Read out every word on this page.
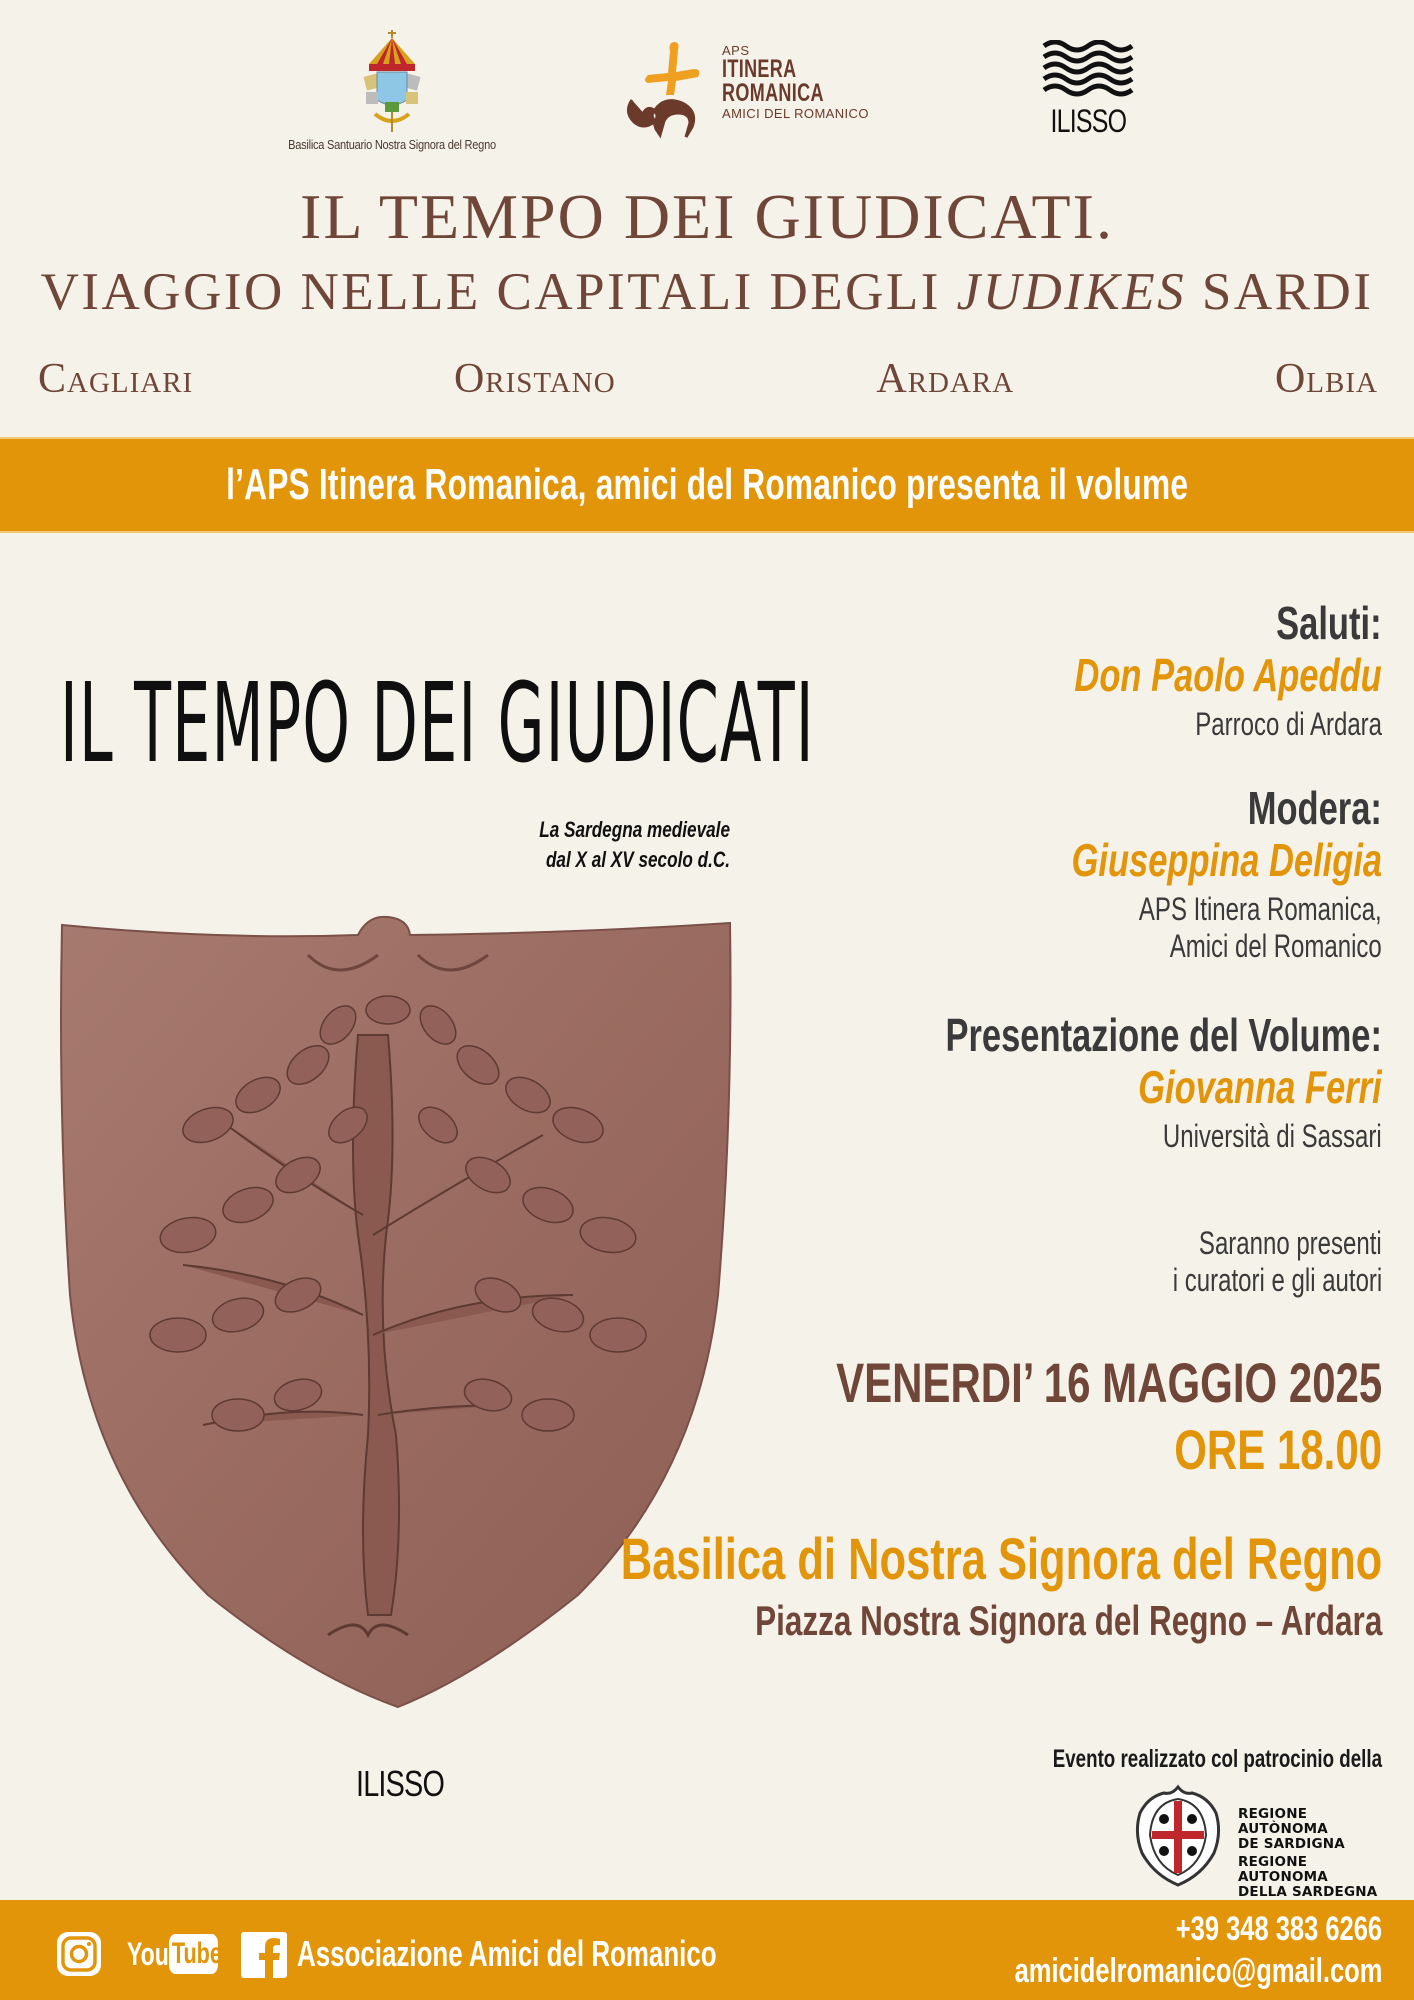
Basilica Santuario Nostra Signora del Regno
APS
ITINERA
ROMANICA
AMICI DEL ROMANICO	ILISSO
IL TEMPO DEI GIUDICATI.
VIAGGIO NELLE CAPITALI DEGLI JUDIKES SARDI
Cagliari	Oristano	Ardara	Olbia
l’APS Itinera Romanica, amici del Romanico presenta il volume
IL TEMPO DEI GIUDICATI
La Sardegna medievale
dal X al XV secolo d.C.
ILISSO
Saluti:
Don Paolo Apeddu
Parroco di Ardara
Modera:
Giuseppina Deligia
APS Itinera Romanica,
Amici del Romanico
Presentazione del Volume:
Giovanna Ferri
Università di Sassari
Saranno presenti
i curatori e gli autori
VENERDI’ 16 MAGGIO 2025
ORE 18.00
Basilica di Nostra Signora del Regno
Piazza Nostra Signora del Regno – Ardara
Evento realizzato col patrocinio della
REGIONE AUTÒNOMA
DE SARDIGNA
REGIONE AUTONOMA
DELLA SARDEGNA
You Tube Associazione Amici del Romanico
+39 348 383 6266
amicidelromanico@gmail.com
